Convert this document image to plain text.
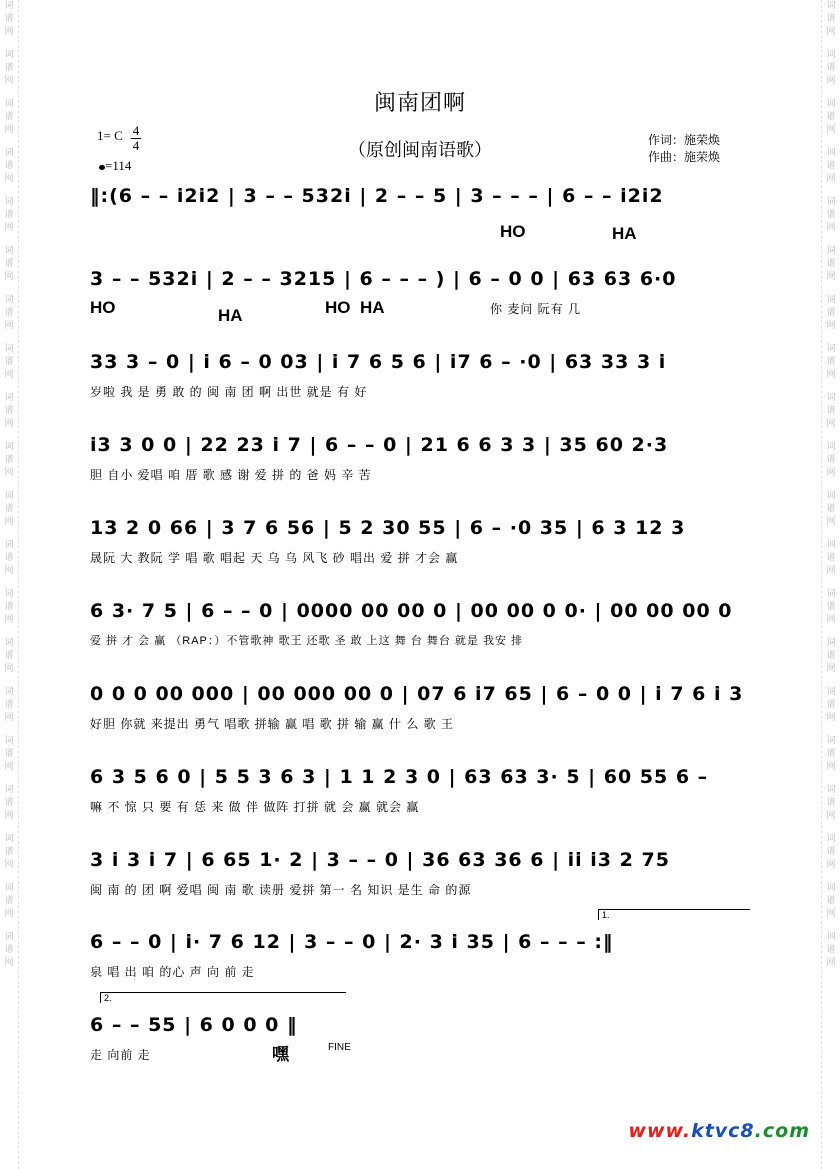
词谱网
词谱网
词谱网
词谱网
词谱网
词谱网
词谱网
词谱网
词谱网
词谱网
词谱网
词谱网
词谱网
词谱网
词谱网
词谱网
词谱网
词谱网
词谱网
词谱网
词谱网
词谱网
词谱网
词谱网
词谱网
词谱网
词谱网
词谱网
词谱网
词谱网
词谱网
词谱网
词谱网
词谱网
词谱网
词谱网
词谱网
词谱网
词谱网
词谱网
闽南团啊
（原创闽南语歌）
1= C 4
4
=114
作词：施荣焕
作曲：施荣焕
‖:(6 – – i2i2 | 3 – – 532i | 2 – – 5 | 3 – – – | 6 – – i2i2
HO	HA
3 – – 532i | 2 – – 3215 | 6 – – – ) | 6 – 0 0 | 63 63 6·0
你 麦问 阮有 几
HO	HA	HO HA
33 3 – 0 | i 6 – 0 03 | i 7 6 5 6 | i7 6 – ·0 | 63 33 3 i
岁啦 我 是 勇 敢 的 闽 南 团 啊 出世 就是 有 好
i3 3 0 0 | 22 23 i 7 | 6 – – 0 | 21 6 6 3 3 | 35 60 2·3
胆 自小 爱唱 咱 厝 歌 感 谢 爱 拼 的 爸 妈 辛 苦
13 2 0 66 | 3 7 6 56 | 5 2 30 55 | 6 – ·0 35 | 6 3 12 3
晟阮 大 教阮 学 唱 歌 唱起 天 乌 乌 风飞 砂 唱出 爱 拼 才会 赢
6 3· 7 5 | 6 – – 0 | 0000 00 00 0 | 00 00 0 0· | 00 00 00 0
爱 拼 才 会 赢 （RAP：）不管歌神 歌王 还歌 圣 敢 上这 舞 台 舞台 就是 我安 排
0 0 0 00 000 | 00 000 00 0 | 07 6 i7 65 | 6 – 0 0 | i 7 6 i 3
好胆 你就 来提出 勇气 唱歌 拼输 赢 唱 歌 拼 输 赢 什 么 歌 王
6 3 5 6 0 | 5 5 3 6 3 | 1 1 2 3 0 | 63 63 3· 5 | 60 55 6 –
嘛 不 惊 只 要 有 恁 来 做 伴 做阵 打拼 就 会 赢 就会 赢
3 i 3 i 7 | 6 65 1· 2 | 3 – – 0 | 36 63 36 6 | ii i3 2 75
闽 南 的 团 啊 爱唱 闽 南 歌 读册 爱拼 第一 名 知识 是生 命 的源
1.
6 – – 0 | i· 7 6 12 | 3 – – 0 | 2· 3 i 35 | 6 – – – :‖
泉 唱 出 咱 的心 声 向 前 走
2.
6 – – 55 | 6 0 0 0 ‖
走 向前 走	嘿	FINE
www.ktvc8.com
